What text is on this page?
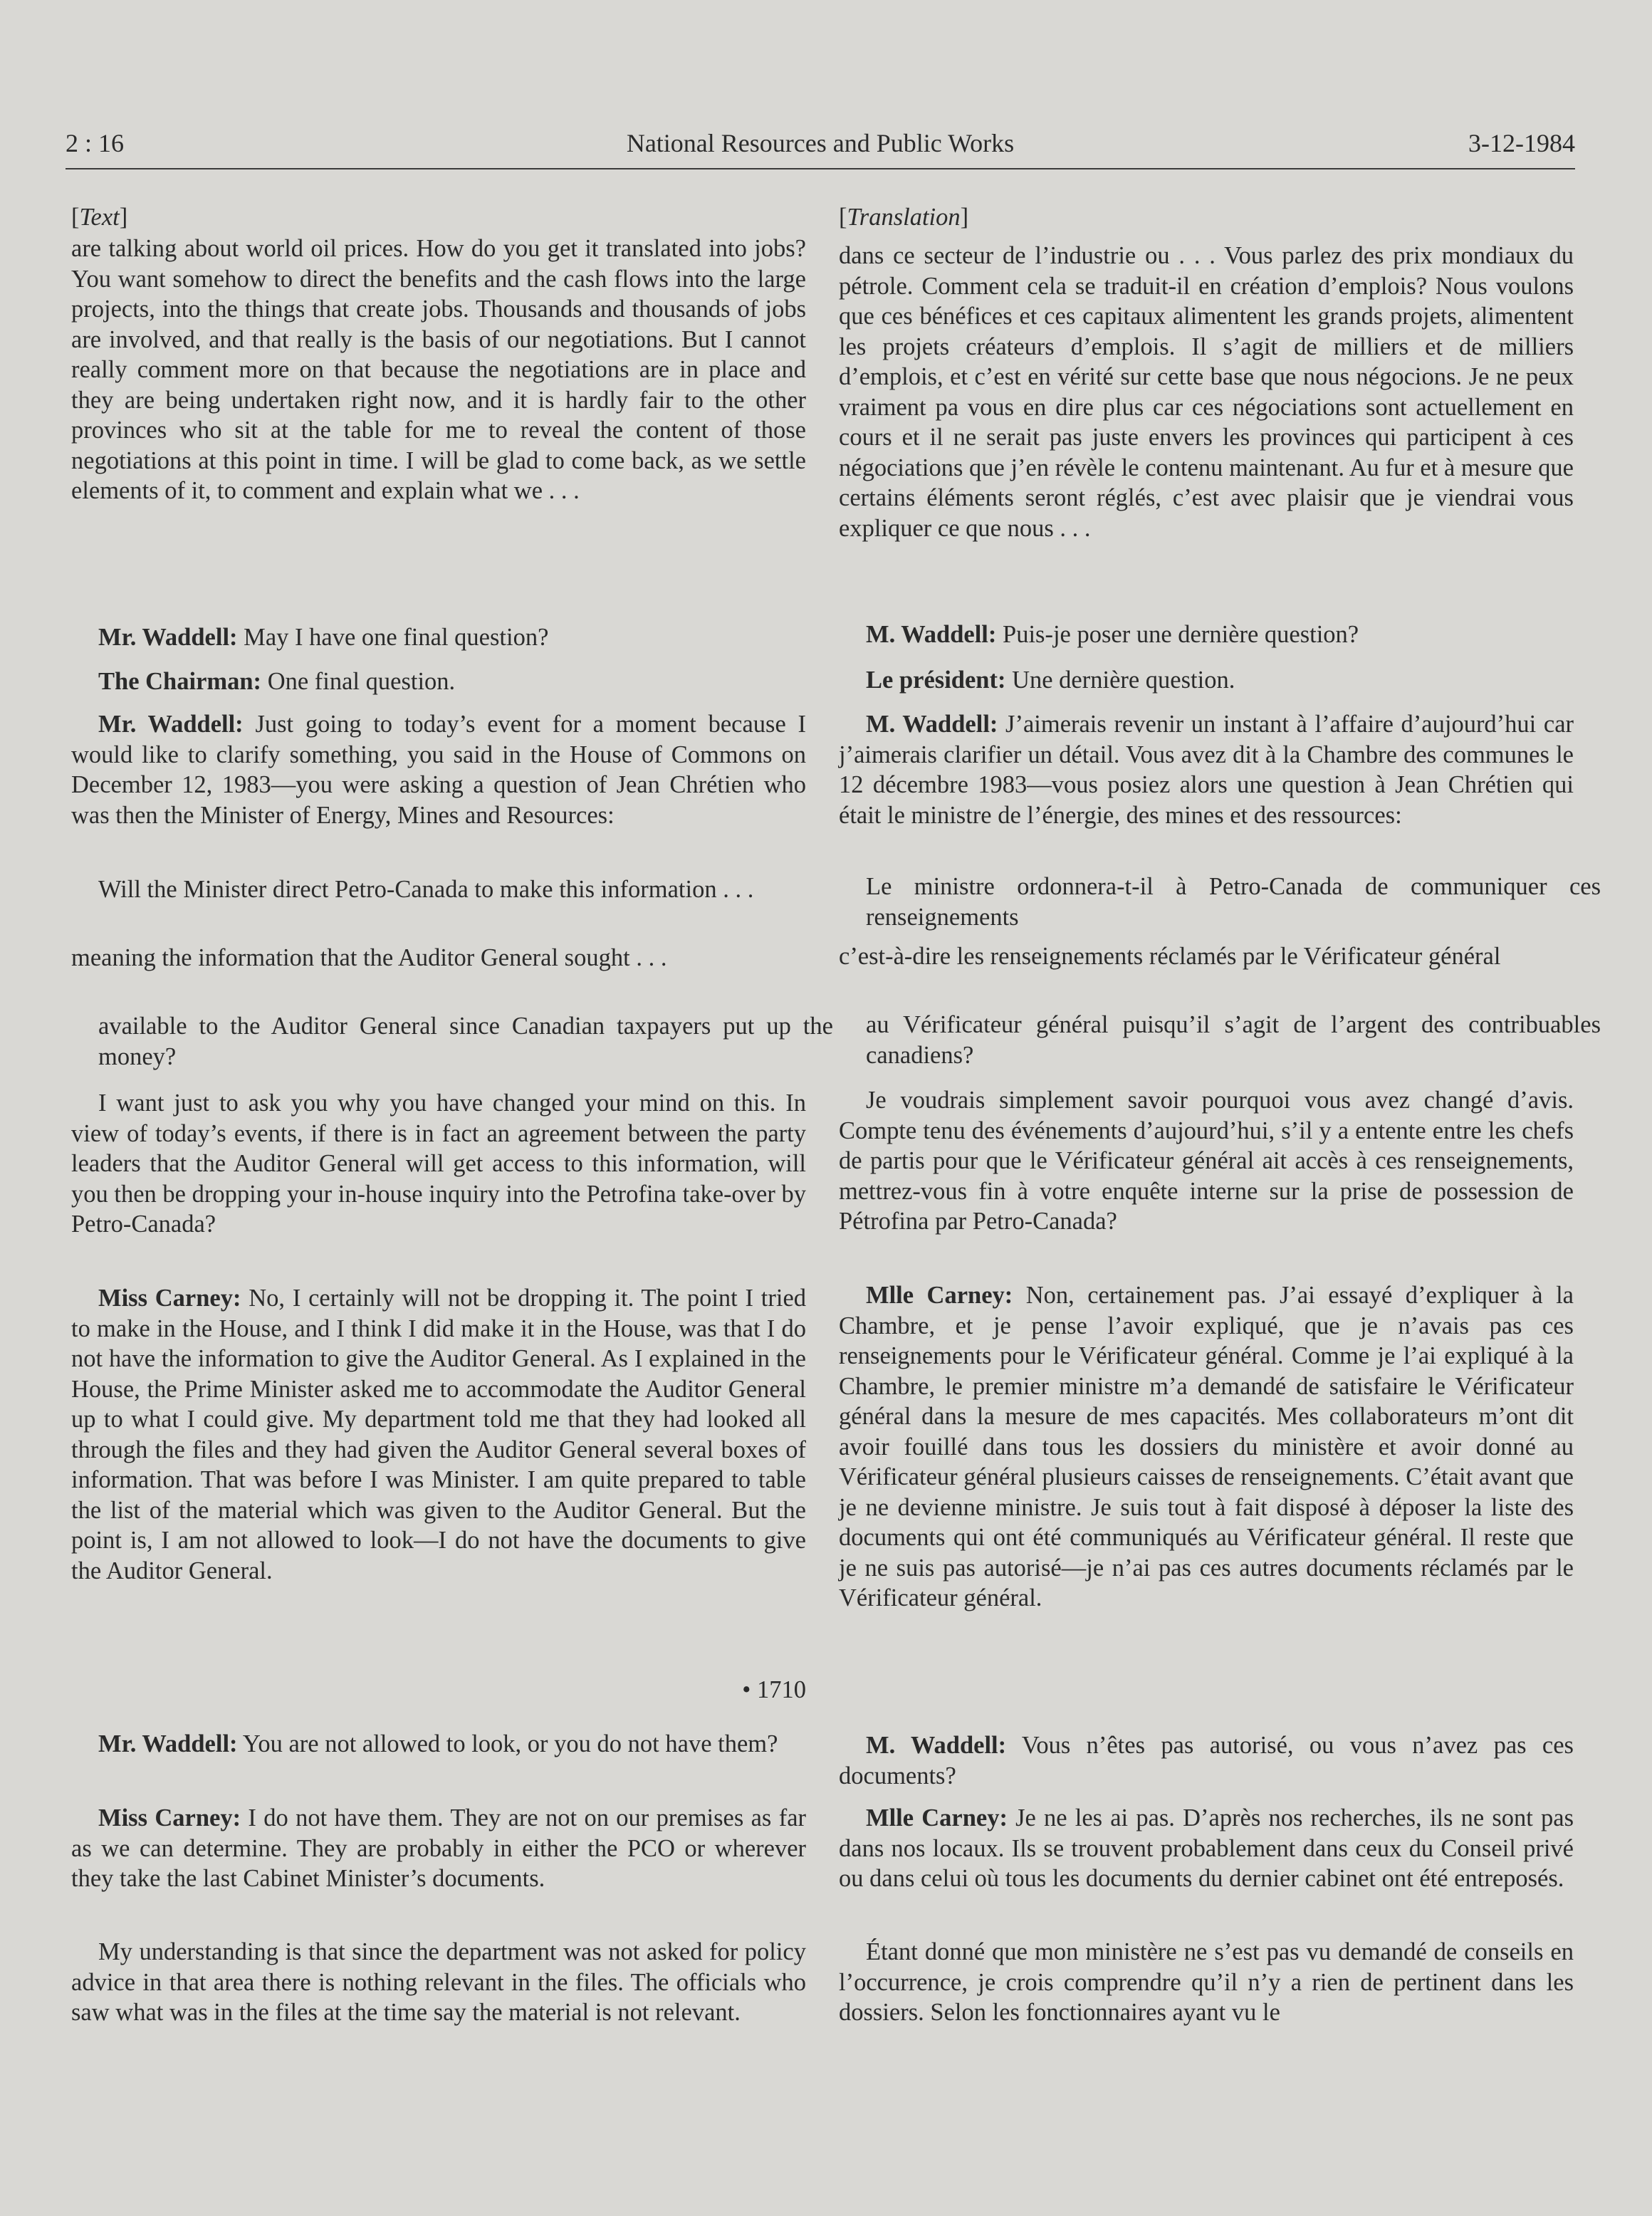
2 : 16	National Resources and Public Works	3-12-1984

[Text]

are talking about world oil prices. How do you get it translated into jobs? You want somehow to direct the benefits and the cash flows into the large projects, into the things that create jobs. Thousands and thousands of jobs are involved, and that really is the basis of our negotiations. But I cannot really comment more on that because the negotiations are in place and they are being undertaken right now, and it is hardly fair to the other provinces who sit at the table for me to reveal the content of those negotiations at this point in time. I will be glad to come back, as we settle elements of it, to comment and explain what we . . .

Mr. Waddell: May I have one final question?

The Chairman: One final question.

Mr. Waddell: Just going to today’s event for a moment because I would like to clarify something, you said in the House of Commons on December 12, 1983—you were asking a question of Jean Chrétien who was then the Minister of Energy, Mines and Resources:

Will the Minister direct Petro-Canada to make this information . . .

meaning the information that the Auditor General sought . . .

available to the Auditor General since Canadian taxpayers put up the money?

I want just to ask you why you have changed your mind on this. In view of today’s events, if there is in fact an agreement between the party leaders that the Auditor General will get access to this information, will you then be dropping your in-house inquiry into the Petrofina take-over by Petro-Canada?

Miss Carney: No, I certainly will not be dropping it. The point I tried to make in the House, and I think I did make it in the House, was that I do not have the information to give the Auditor General. As I explained in the House, the Prime Minister asked me to accommodate the Auditor General up to what I could give. My department told me that they had looked all through the files and they had given the Auditor General several boxes of information. That was before I was Minister. I am quite prepared to table the list of the material which was given to the Auditor General. But the point is, I am not allowed to look—I do not have the documents to give the Auditor General.

• 1710

Mr. Waddell: You are not allowed to look, or you do not have them?

Miss Carney: I do not have them. They are not on our premises as far as we can determine. They are probably in either the PCO or wherever they take the last Cabinet Minister’s documents.

My understanding is that since the department was not asked for policy advice in that area there is nothing relevant in the files. The officials who saw what was in the files at the time say the material is not relevant.

[Translation]

dans ce secteur de l’industrie ou . . . Vous parlez des prix mondiaux du pétrole. Comment cela se traduit-il en création d’emplois? Nous voulons que ces bénéfices et ces capitaux alimentent les grands projets, alimentent les projets créateurs d’emplois. Il s’agit de milliers et de milliers d’emplois, et c’est en vérité sur cette base que nous négocions. Je ne peux vraiment pa vous en dire plus car ces négociations sont actuellement en cours et il ne serait pas juste envers les provinces qui participent à ces négociations que j’en révèle le contenu maintenant. Au fur et à mesure que certains éléments seront réglés, c’est avec plaisir que je viendrai vous expliquer ce que nous . . .

M. Waddell: Puis-je poser une dernière question?

Le président: Une dernière question.

M. Waddell: J’aimerais revenir un instant à l’affaire d’aujourd’hui car j’aimerais clarifier un détail. Vous avez dit à la Chambre des communes le 12 décembre 1983—vous posiez alors une question à Jean Chrétien qui était le ministre de l’énergie, des mines et des ressources:

Le ministre ordonnera-t-il à Petro-Canada de communiquer ces renseignements

c’est-à-dire les renseignements réclamés par le Vérificateur général

au Vérificateur général puisqu’il s’agit de l’argent des contribuables canadiens?

Je voudrais simplement savoir pourquoi vous avez changé d’avis. Compte tenu des événements d’aujourd’hui, s’il y a entente entre les chefs de partis pour que le Vérificateur général ait accès à ces renseignements, mettrez-vous fin à votre enquête interne sur la prise de possession de Pétrofina par Petro-Canada?

Mlle Carney: Non, certainement pas. J’ai essayé d’expliquer à la Chambre, et je pense l’avoir expliqué, que je n’avais pas ces renseignements pour le Vérificateur général. Comme je l’ai expliqué à la Chambre, le premier ministre m’a demandé de satisfaire le Vérificateur général dans la mesure de mes capacités. Mes collaborateurs m’ont dit avoir fouillé dans tous les dossiers du ministère et avoir donné au Vérificateur général plusieurs caisses de renseignements. C’était avant que je ne devienne ministre. Je suis tout à fait disposé à déposer la liste des documents qui ont été communiqués au Vérificateur général. Il reste que je ne suis pas autorisé—je n’ai pas ces autres documents réclamés par le Vérificateur général.

M. Waddell: Vous n’êtes pas autorisé, ou vous n’avez pas ces documents?

Mlle Carney: Je ne les ai pas. D’après nos recherches, ils ne sont pas dans nos locaux. Ils se trouvent probablement dans ceux du Conseil privé ou dans celui où tous les documents du dernier cabinet ont été entreposés.

Étant donné que mon ministère ne s’est pas vu demandé de conseils en l’occurrence, je crois comprendre qu’il n’y a rien de pertinent dans les dossiers. Selon les fonctionnaires ayant vu le
